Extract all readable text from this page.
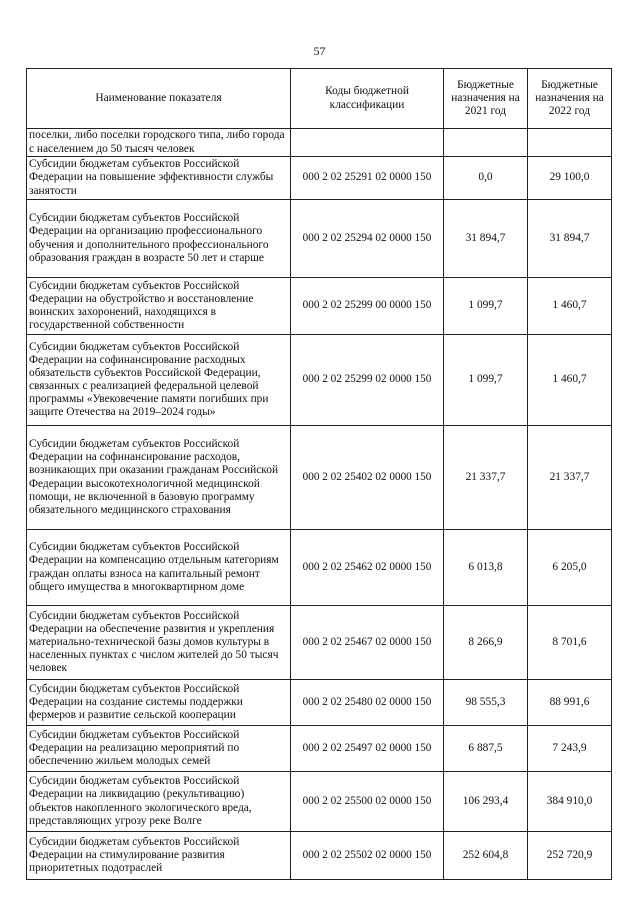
57
Наименование показателя	Коды бюджетной классификации	Бюджетные назначения на 2021 год	Бюджетные назначения на 2022 год
поселки, либо поселки городского типа, либо города с населением до 50 тысяч человек			
Субсидии бюджетам субъектов Российской Федерации на повышение эффективности службы занятости	000 2 02 25291 02 0000 150	0,0	29 100,0
Субсидии бюджетам субъектов Российской Федерации на организацию профессионального обучения и дополнительного профессионального образования граждан в возрасте 50 лет и старше	000 2 02 25294 02 0000 150	31 894,7	31 894,7
Субсидии бюджетам субъектов Российской Федерации на обустройство и восстановление воинских захоронений, находящихся в государственной собственности	000 2 02 25299 00 0000 150	1 099,7	1 460,7
Субсидии бюджетам субъектов Российской Федерации на софинансирование расходных обязательств субъектов Российской Федерации, связанных с реализацией федеральной целевой программы «Увековечение памяти погибших при защите Отечества на 2019–2024 годы»	000 2 02 25299 02 0000 150	1 099,7	1 460,7
Субсидии бюджетам субъектов Российской Федерации на софинансирование расходов, возникающих при оказании гражданам Российской Федерации высокотехнологичной медицинской помощи, не включенной в базовую программу обязательного медицинского страхования	000 2 02 25402 02 0000 150	21 337,7	21 337,7
Субсидии бюджетам субъектов Российской Федерации на компенсацию отдельным категориям граждан оплаты взноса на капитальный ремонт общего имущества в многоквартирном доме	000 2 02 25462 02 0000 150	6 013,8	6 205,0
Субсидии бюджетам субъектов Российской Федерации на обеспечение развития и укрепления материально-технической базы домов культуры в населенных пунктах с числом жителей до 50 тысяч человек	000 2 02 25467 02 0000 150	8 266,9	8 701,6
Субсидии бюджетам субъектов Российской Федерации на создание системы поддержки фермеров и развитие сельской кооперации	000 2 02 25480 02 0000 150	98 555,3	88 991,6
Субсидии бюджетам субъектов Российской Федерации на реализацию мероприятий по обеспечению жильем молодых семей	000 2 02 25497 02 0000 150	6 887,5	7 243,9
Субсидии бюджетам субъектов Российской Федерации на ликвидацию (рекультивацию) объектов накопленного экологического вреда, представляющих угрозу реке Волге	000 2 02 25500 02 0000 150	106 293,4	384 910,0
Субсидии бюджетам субъектов Российской Федерации на стимулирование развития приоритетных подотраслей	000 2 02 25502 02 0000 150	252 604,8	252 720,9
